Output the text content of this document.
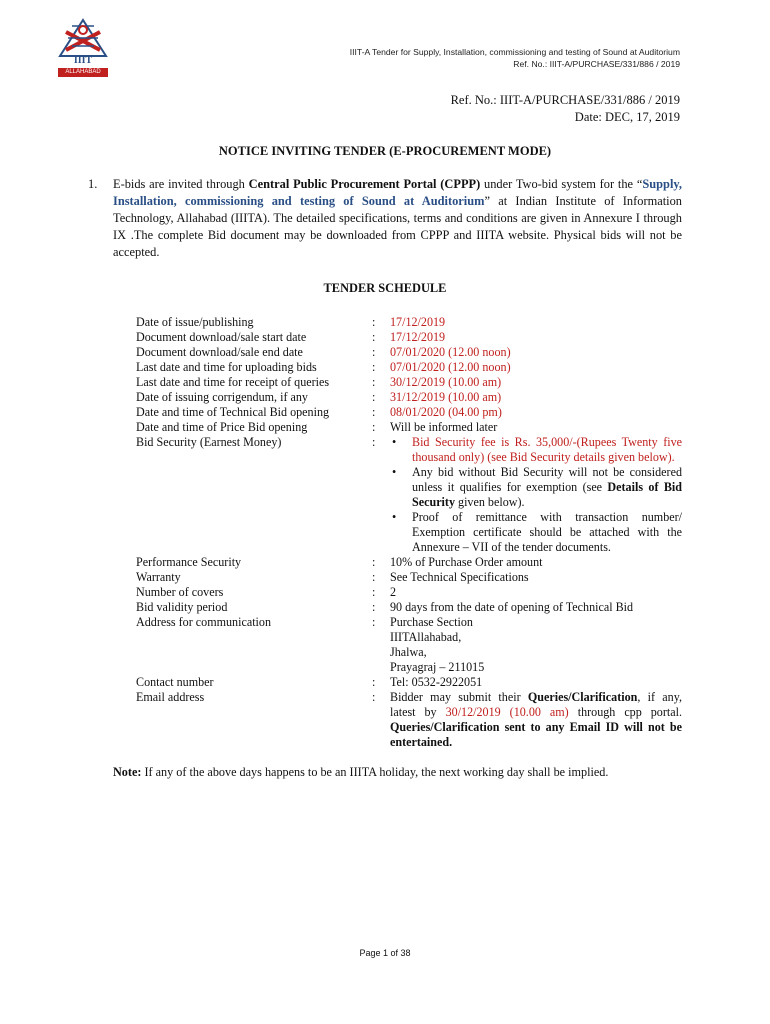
IIIT
ALLAHABAD
IIIT-A Tender for Supply, Installation, commissioning and testing of Sound at Auditorium
Ref. No.: IIIT-A/PURCHASE/331/886 / 2019
Ref. No.: IIIT-A/PURCHASE/331/886 / 2019
Date: DEC, 17, 2019
NOTICE INVITING TENDER (E-PROCUREMENT MODE)
1. E-bids are invited through Central Public Procurement Portal (CPPP) under Two-bid system for the “Supply, Installation, commissioning and testing of Sound at Auditorium” at Indian Institute of Information Technology, Allahabad (IIITA). The detailed specifications, terms and conditions are given in Annexure I through IX .The complete Bid document may be downloaded from CPPP and IIITA website. Physical bids will not be accepted.
TENDER SCHEDULE
Date of issue/publishing	:	17/12/2019
Document download/sale start date	:	17/12/2019
Document download/sale end date	:	07/01/2020 (12.00 noon)
Last date and time for uploading bids	:	07/01/2020 (12.00 noon)
Last date and time for receipt of queries	:	30/12/2019 (10.00 am)
Date of issuing corrigendum, if any	:	31/12/2019 (10.00 am)
Date and time of Technical Bid opening	:	08/01/2020 (04.00 pm)
Date and time of Price Bid opening	:	Will be informed later
Bid Security (Earnest Money)	:
•	Bid Security fee is Rs. 35,000/-(Rupees Twenty five thousand only) (see Bid Security details given below).
• Any bid without Bid Security will not be considered unless it qualifies for exemption (see Details of Bid Security given below).
• Proof of remittance with transaction number/ Exemption certificate should be attached with the Annexure – VII of the tender documents.
Performance Security	:	10% of Purchase Order amount
Warranty	:	See Technical Specifications
Number of covers	:	2
Bid validity period	:	90 days from the date of opening of Technical Bid
Address for communication	:	Purchase Section
IIITAllahabad,
Jhalwa,
Prayagraj – 211015
Contact number	:	Tel: 0532-2922051
Email address	:	Bidder may submit their Queries/Clarification, if any, latest by 30/12/2019 (10.00 am) through cpp portal. Queries/Clarification sent to any Email ID will not be entertained.
Note: If any of the above days happens to be an IIITA holiday, the next working day shall be implied.
Page 1 of 38
